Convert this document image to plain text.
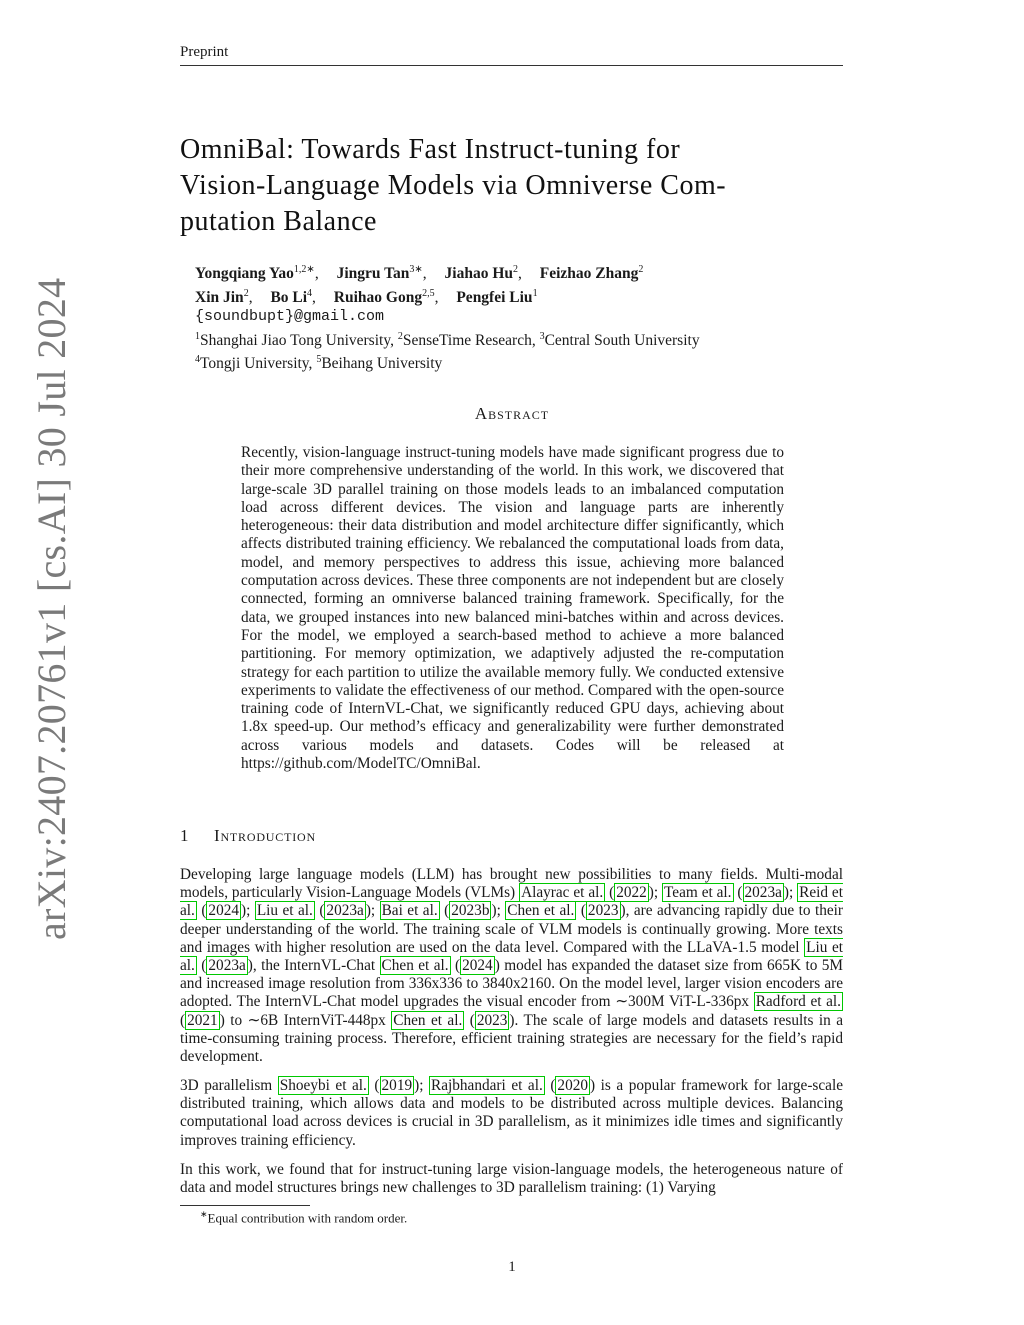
Preprint
arXiv:2407.20761v1 [cs.AI] 30 Jul 2024
OmniBal: Towards Fast Instruct-tuning for
Vision-Language Models via Omniverse Com-
putation Balance
Yongqiang Yao$^{1,2∗}$, Jingru Tan$^{3∗}$, Jiahao Hu$^2$, Feizhao Zhang$^2$
Xin Jin$^2$, Bo Li$^4$, Ruihao Gong$^{2,5}$, Pengfei Liu$^1$
{soundbupt}@gmail.com
$^1$Shanghai Jiao Tong University, $^2$SenseTime Research, $^3$Central South University
$^4$Tongji University, $^5$Beihang University
Abstract
Recently, vision-language instruct-tuning models have made significant progress due to their more comprehensive understanding of the world. In this work, we discovered that large-scale 3D parallel training on those models leads to an imbalanced computation load across different devices. The vision and language parts are inherently heterogeneous: their data distribution and model architecture differ significantly, which affects distributed training efficiency. We rebalanced the computational loads from data, model, and memory perspectives to address this issue, achieving more balanced computation across devices. These three components are not independent but are closely connected, forming an omniverse balanced training framework. Specifically, for the data, we grouped instances into new balanced mini-batches within and across devices. For the model, we employed a search-based method to achieve a more balanced partitioning. For memory optimization, we adaptively adjusted the re-computation strategy for each partition to utilize the available memory fully. We conducted extensive experiments to validate the effectiveness of our method. Compared with the open-source training code of InternVL-Chat, we significantly reduced GPU days, achieving about 1.8x speed-up. Our method’s efficacy and generalizability were further demonstrated across various models and datasets. Codes will be released at https://github.com/ModelTC/OmniBal.
1 Introduction
Developing large language models (LLM) has brought new possibilities to many fields. Multi-modal models, particularly Vision-Language Models (VLMs) Alayrac et al. ( 2022 ); Team et al. ( 2023a ); Reid et al. ( 2024 ); Liu et al. ( 2023a ); Bai et al. ( 2023b ); Chen et al. ( 2023 ), are advancing rapidly due to their deeper understanding of the world. The training scale of VLM models is continually growing. More texts and images with higher resolution are used on the data level. Compared with the LLaVA-1.5 model Liu et al. ( 2023a ), the InternVL-Chat Chen et al. ( 2024 ) model has expanded the dataset size from 665K to 5M and increased image resolution from 336x336 to 3840x2160. On the model level, larger vision encoders are adopted. The InternVL-Chat model upgrades the visual encoder from ∼300M ViT-L-336px Radford et al. ( 2021 ) to ∼6B InternViT-448px Chen et al. ( 2023 ). The scale of large models and datasets results in a time-consuming training process. Therefore, efficient training strategies are necessary for the field’s rapid development.
3D parallelism Shoeybi et al. ( 2019 ); Rajbhandari et al. ( 2020 ) is a popular framework for large-scale distributed training, which allows data and models to be distributed across multiple devices. Balancing computational load across devices is crucial in 3D parallelism, as it minimizes idle times and significantly improves training efficiency.
In this work, we found that for instruct-tuning large vision-language models, the heterogeneous nature of data and model structures brings new challenges to 3D parallelism training: (1) Varying
∗Equal contribution with random order.
1
